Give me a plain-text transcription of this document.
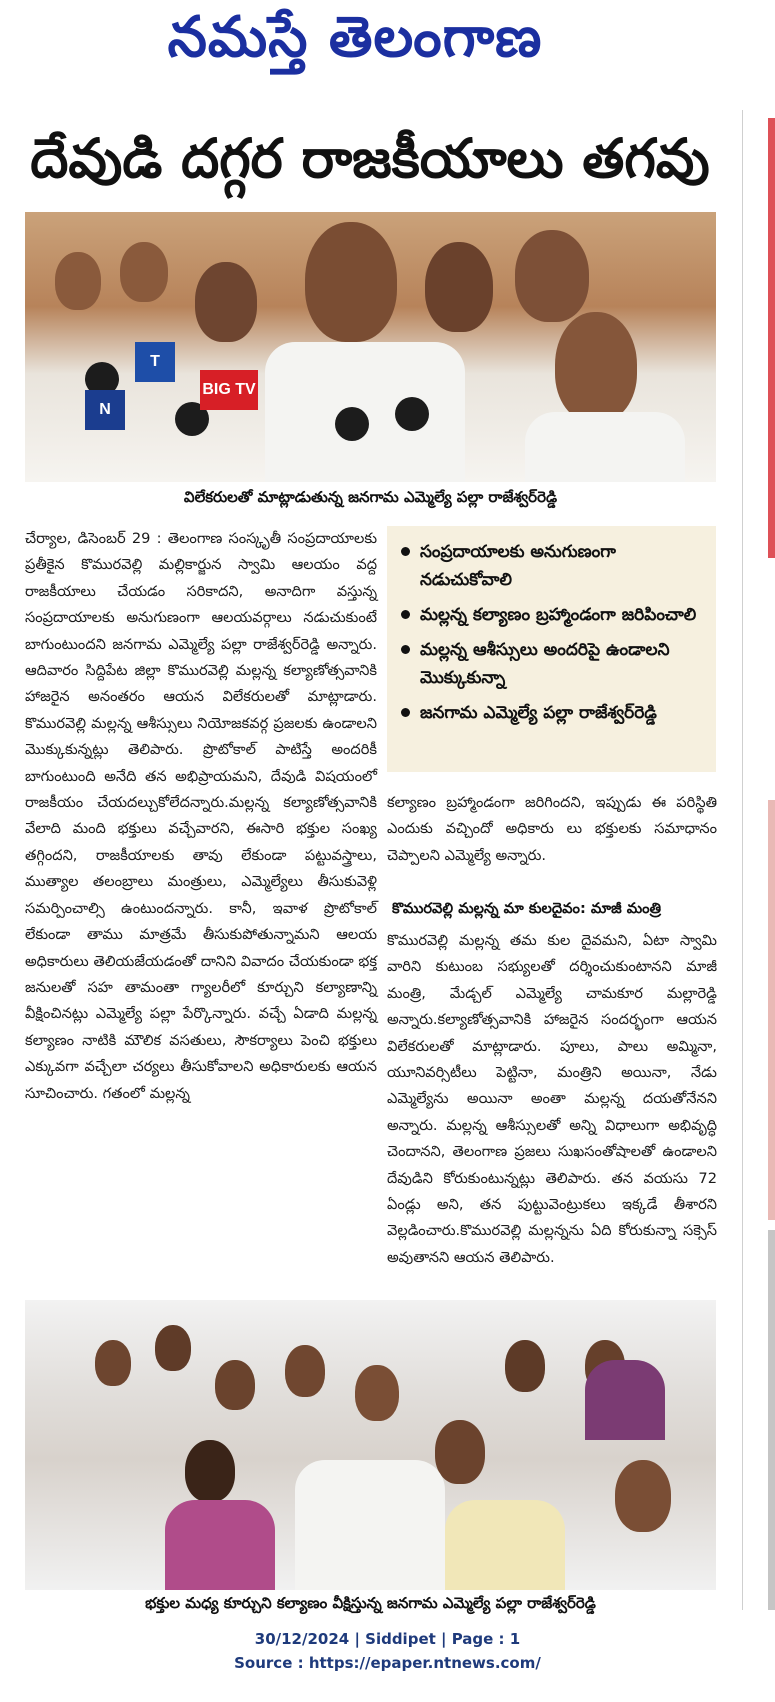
నమస్తే తెలంగాణ
దేవుడి దగ్గర రాజకీయాలు తగవు
BIG TV
T
N
విలేకరులతో మాట్లాడుతున్న జనగామ ఎమ్మెల్యే పల్లా రాజేశ్వర్‌రెడ్డి
చేర్యాల, డిసెంబర్ 29 : తెలంగాణ సంస్కృతీ సంప్రదాయాలకు ప్రతీకైన కొమురవెల్లి మల్లికార్జున స్వామి ఆలయం వద్ద రాజకీయాలు చేయడం సరికాదని, అనాదిగా వస్తున్న సంప్రదాయాలకు అనుగుణంగా ఆలయవర్గాలు నడుచుకుంటే బాగుంటుందని జనగామ ఎమ్మెల్యే పల్లా రాజేశ్వర్‌రెడ్డి అన్నారు. ఆదివారం సిద్దిపేట జిల్లా కొమురవెల్లి మల్లన్న కల్యాణోత్సవానికి హాజరైన అనంతరం ఆయన విలేకరులతో మాట్లాడారు. కొమురవెల్లి మల్లన్న ఆశీస్సులు నియోజకవర్గ ప్రజలకు ఉండాలని మొక్కుకున్నట్లు తెలిపారు. ప్రొటోకాల్ పాటిస్తే అందరికీ బాగుంటుంది అనేది తన అభిప్రాయమని, దేవుడి విషయంలో రాజకీయం చేయదల్చుకోలేదన్నారు.మల్లన్న కల్యాణోత్సవానికి వేలాది మంది భక్తులు వచ్చేవారని, ఈసారి భక్తుల సంఖ్య తగ్గిందని, రాజకీయాలకు తావు లేకుండా పట్టువస్త్రాలు, ముత్యాల తలంబ్రాలు మంత్రులు, ఎమ్మెల్యేలు తీసుకువెళ్లి సమర్పించాల్సి ఉంటుందన్నారు. కానీ, ఇవాళ ప్రొటోకాల్ లేకుండా తాము మాత్రమే తీసుకుపోతున్నామని ఆలయ అధికారులు తెలియజేయడంతో దానిని వివాదం చేయకుండా భక్త జనులతో సహ తామంతా గ్యాలరీలో కూర్చుని కల్యాణాన్ని వీక్షించినట్లు ఎమ్మెల్యే పల్లా పేర్కొన్నారు. వచ్చే ఏడాది మల్లన్న కల్యాణం నాటికి మౌలిక వసతులు, సౌకర్యాలు పెంచి భక్తులు ఎక్కువగా వచ్చేలా చర్యలు తీసుకోవాలని అధికారులకు ఆయన సూచించారు. గతంలో మల్లన్న
సంప్రదాయాలకు అనుగుణంగా నడుచుకోవాలి
మల్లన్న కల్యాణం బ్రహ్మాండంగా జరిపించాలి
మల్లన్న ఆశీస్సులు అందరిపై ఉండాలని మొక్కుకున్నా
జనగామ ఎమ్మెల్యే పల్లా రాజేశ్వర్‌రెడ్డి
కల్యాణం బ్రహ్మాండంగా జరిగిందని, ఇప్పుడు ఈ పరిస్థితి ఎందుకు వచ్చిందో అధికారు లు భక్తులకు సమాధానం చెప్పాలని ఎమ్మెల్యే అన్నారు.
కొమురవెల్లి మల్లన్న మా కులదైవం: మాజీ మంత్రి
కొమురవెల్లి మల్లన్న తమ కుల దైవమని, ఏటా స్వామి వారిని కుటుంబ సభ్యులతో దర్శించుకుంటానని మాజీ మంత్రి, మేడ్చల్ ఎమ్మెల్యే చామకూర మల్లారెడ్డి అన్నారు.కల్యాణోత్సవానికి హాజరైన సందర్భంగా ఆయన విలేకరులతో మాట్లాడారు. పూలు, పాలు అమ్మినా, యూనివర్సిటీలు పెట్టినా, మంత్రిని అయినా, నేడు ఎమ్మెల్యేను అయినా అంతా మల్లన్న దయతోనేనని అన్నారు. మల్లన్న ఆశీస్సులతో అన్ని విధాలుగా అభివృద్ధి చెందానని, తెలంగాణ ప్రజలు సుఖసంతోషాలతో ఉండాలని దేవుడిని కోరుకుంటున్నట్లు తెలిపారు. తన వయసు 72 ఏండ్లు అని, తన పుట్టువెంట్రుకలు ఇక్కడే తీశారని వెల్లడించారు.కొమురవెల్లి మల్లన్నను ఏది కోరుకున్నా సక్సెస్ అవుతానని ఆయన తెలిపారు.
భక్తుల మధ్య కూర్చుని కల్యాణం వీక్షిస్తున్న జనగామ ఎమ్మెల్యే పల్లా రాజేశ్వర్‌రెడ్డి
30/12/2024 | Siddipet | Page : 1
Source : https://epaper.ntnews.com/
